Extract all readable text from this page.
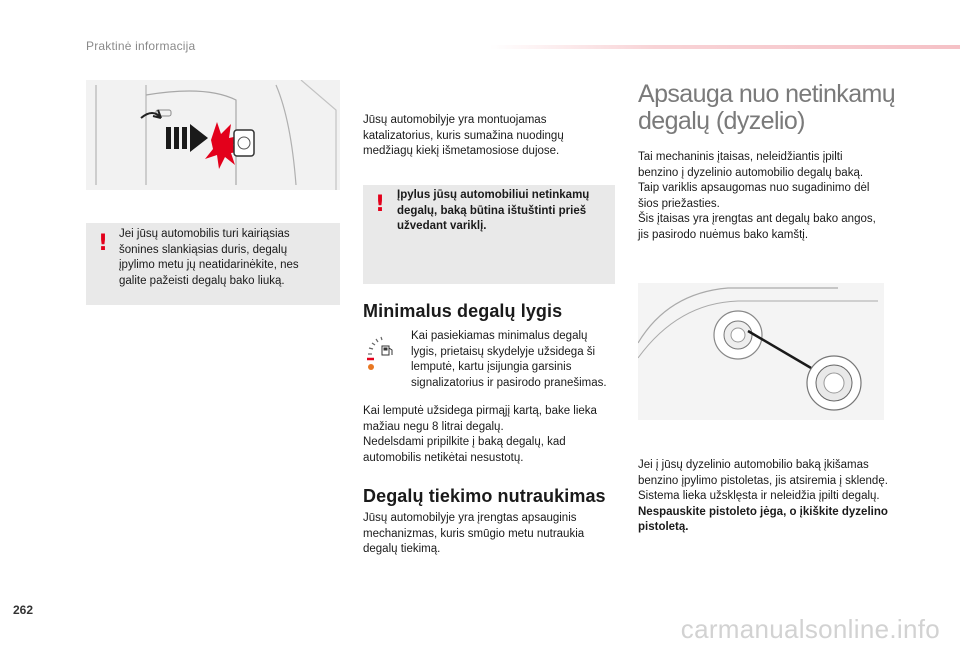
Praktinė informacija
! Jei jūsų automobilis turi kairiąsias šonines slankiąsias duris, degalų įpylimo metu jų neatidarinėkite, nes galite pažeisti degalų bako liuką.
Jūsų automobilyje yra montuojamas katalizatorius, kuris sumažina nuodingų medžiagų kiekį išmetamosiose dujose.
! Įpylus jūsų automobiliui netinkamų degalų, baką būtina ištuštinti prieš užvedant variklį.
Minimalus degalų lygis
Kai pasiekiamas minimalus degalų lygis, prietaisų skydelyje užsidega ši lemputė, kartu įsijungia garsinis signalizatorius ir pasirodo pranešimas.
Kai lemputė užsidega pirmąjį kartą, bake lieka mažiau negu 8 litrai degalų.
Nedelsdami pripilkite į baką degalų, kad automobilis netikėtai nesustotų.
Degalų tiekimo nutraukimas
Jūsų automobilyje yra įrengtas apsauginis mechanizmas, kuris smūgio metu nutraukia degalų tiekimą.
Apsauga nuo netinkamų
degalų (dyzelio)
Tai mechaninis įtaisas, neleidžiantis įpilti benzino į dyzelinio automobilio degalų baką. Taip variklis apsaugomas nuo sugadinimo dėl šios priežasties.
Šis įtaisas yra įrengtas ant degalų bako angos, jis pasirodo nuėmus bako kamštį.
Jei į jūsų dyzelinio automobilio baką įkišamas benzino įpylimo pistoletas, jis atsiremia į sklendę. Sistema lieka užsklęsta ir neleidžia įpilti degalų.
Nespauskite pistoleto jėga, o įkiškite dyzelino pistoletą.
262
carmanualsonline.info
